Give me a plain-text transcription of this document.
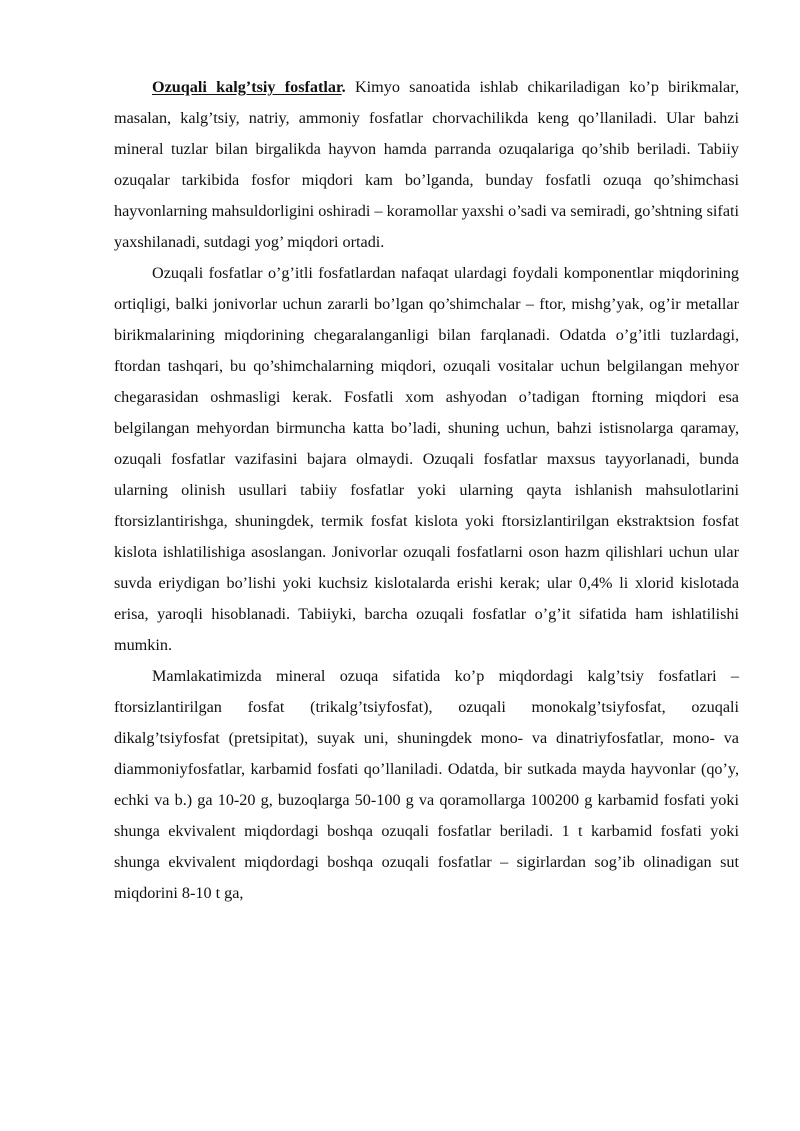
Ozuqali kalg’tsiy fosfatlar. Kimyo sanoatida ishlab chikariladigan ko’p birikmalar, masalan, kalg’tsiy, natriy, ammoniy fosfatlar chorvachilikda keng qo’llaniladi. Ular bahzi mineral tuzlar bilan birgalikda hayvon hamda parranda ozuqalariga qo’shib beriladi. Tabiiy ozuqalar tarkibida fosfor miqdori kam bo’lganda, bunday fosfatli ozuqa qo’shimchasi hayvonlarning mahsuldorligini oshiradi – koramollar yaxshi o’sadi va semiradi, go’shtning sifati yaxshilanadi, sutdagi yog’ miqdori ortadi.

Ozuqali fosfatlar o’g’itli fosfatlardan nafaqat ulardagi foydali komponentlar miqdorining ortiqligi, balki jonivorlar uchun zararli bo’lgan qo’shimchalar – ftor, mishg’yak, og’ir metallar birikmalarining miqdorining chegaralanganligi bilan farqlanadi. Odatda o’g’itli tuzlardagi, ftordan tashqari, bu qo’shimchalarning miqdori, ozuqali vositalar uchun belgilangan mehyor chegarasidan oshmasligi kerak. Fosfatli xom ashyodan o’tadigan ftorning miqdori esa belgilangan mehyordan birmuncha katta bo’ladi, shuning uchun, bahzi istisnolarga qaramay, ozuqali fosfatlar vazifasini bajara olmaydi. Ozuqali fosfatlar maxsus tayyorlanadi, bunda ularning olinish usullari tabiiy fosfatlar yoki ularning qayta ishlanish mahsulotlarini ftorsizlantirishga, shuningdek, termik fosfat kislota yoki ftorsizlantirilgan ekstraktsion fosfat kislota ishlatilishiga asoslangan. Jonivorlar ozuqali fosfatlarni oson hazm qilishlari uchun ular suvda eriydigan bo’lishi yoki kuchsiz kislotalarda erishi kerak; ular 0,4% li xlorid kislotada erisa, yaroqli hisoblanadi. Tabiiyki, barcha ozuqali fosfatlar o’g’it sifatida ham ishlatilishi mumkin.

Mamlakatimizda mineral ozuqa sifatida ko’p miqdordagi kalg’tsiy fosfatlari – ftorsizlantirilgan fosfat (trikalg’tsiyfosfat), ozuqali monokalg’tsiyfosfat, ozuqali dikalg’tsiyfosfat (pretsipitat), suyak uni, shuningdek mono- va dinatriyfosfatlar, mono- va diammoniyfosfatlar, karbamid fosfati qo’llaniladi. Odatda, bir sutkada mayda hayvonlar (qo’y, echki va b.) ga 10-20 g, buzoqlarga 50-100 g va qoramollarga 100200 g karbamid fosfati yoki shunga ekvivalent miqdordagi boshqa ozuqali fosfatlar beriladi. 1 t karbamid fosfati yoki shunga ekvivalent miqdordagi boshqa ozuqali fosfatlar – sigirlardan sog’ib olinadigan sut miqdorini 8-10 t ga,
